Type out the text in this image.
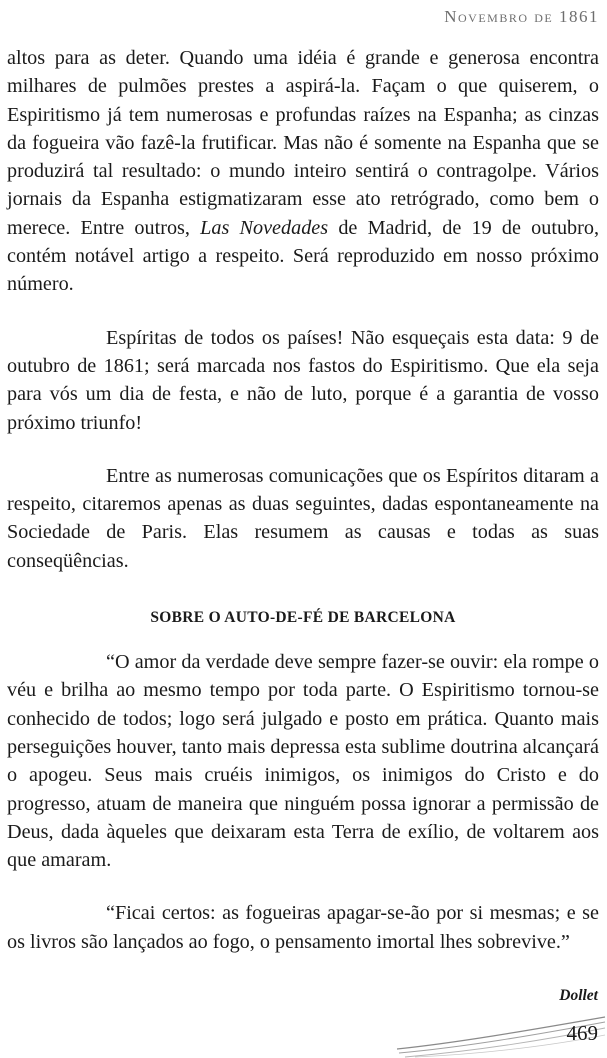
Novembro de 1861

altos para as deter. Quando uma idéia é grande e generosa encontra milhares de pulmões prestes a aspirá-la. Façam o que quiserem, o Espiritismo já tem numerosas e profundas raízes na Espanha; as cinzas da fogueira vão fazê-la frutificar. Mas não é somente na Espanha que se produzirá tal resultado: o mundo inteiro sentirá o contragolpe. Vários jornais da Espanha estigmatizaram esse ato retrógrado, como bem o merece. Entre outros, Las Novedades de Madrid, de 19 de outubro, contém notável artigo a respeito. Será reproduzido em nosso próximo número.

Espíritas de todos os países! Não esqueçais esta data: 9 de outubro de 1861; será marcada nos fastos do Espiritismo. Que ela seja para vós um dia de festa, e não de luto, porque é a garantia de vosso próximo triunfo!

Entre as numerosas comunicações que os Espíritos ditaram a respeito, citaremos apenas as duas seguintes, dadas espontaneamente na Sociedade de Paris. Elas resumem as causas e todas as suas conseqüências.

SOBRE O AUTO-DE-FÉ DE BARCELONA

“O amor da verdade deve sempre fazer-se ouvir: ela rompe o véu e brilha ao mesmo tempo por toda parte. O Espiritismo tornou-se conhecido de todos; logo será julgado e posto em prática. Quanto mais perseguições houver, tanto mais depressa esta sublime doutrina alcançará o apogeu. Seus mais cruéis inimigos, os inimigos do Cristo e do progresso, atuam de maneira que ninguém possa ignorar a permissão de Deus, dada àqueles que deixaram esta Terra de exílio, de voltarem aos que amaram.

“Ficai certos: as fogueiras apagar-se-ão por si mesmas; e se os livros são lançados ao fogo, o pensamento imortal lhes sobrevive.”

Dollet
469
